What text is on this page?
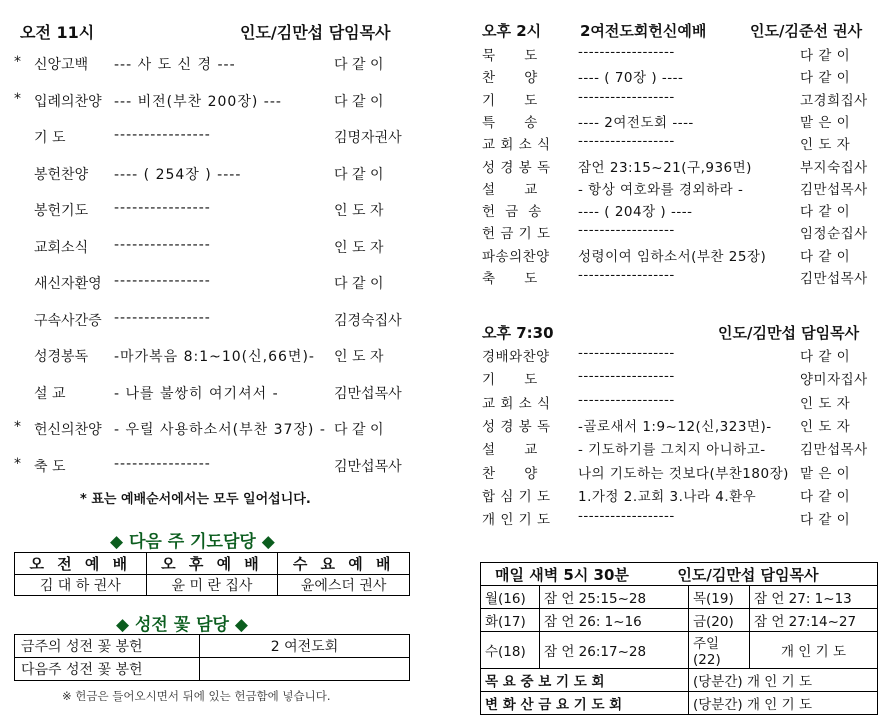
오전 11시	인도/김만섭 담임목사
* 신앙고백 --- 사 도 신 경 ---	다 같 이
* 입례의찬양 --- 비전(부찬 200장) ---	다 같 이
기 도	----------------	김명자권사
봉헌찬양 ---- ( 254장 ) ----	다 같 이
봉헌기도 ----------------	인 도 자
교회소식 ----------------	인 도 자
새신자환영 ----------------	다 같 이
구속사간증 ----------------	김경숙집사
성경봉독 -마가복음 8:1~10(신,66면)- 인 도 자
설 교	- 나를 불쌍히 여기셔서 -	김만섭목사
* 헌신의찬양 - 우릴 사용하소서(부찬 37장) - 다 같 이
* 축 도	----------------	김만섭목사
* 표는 예배순서에서는 모두 일어섭니다.
◆ 다음 주 기도담당 ◆
오 전 예 배	오 후 예 배	수 요 예 배
김 대 하 권사	윤 미 란 집사	윤에스더 권사
◆ 성전 꽃 담당 ◆
금주의 성전 꽃 봉헌	2 여전도회
다음주 성전 꽃 봉헌	
※ 헌금은 들어오시면서 뒤에 있는 헌금함에 넣습니다.
오후 2시	2여전도회헌신예배	인도/김준선 권사
묵      도	------------------	다 같 이
찬      양	---- ( 70장 ) ----	다 같 이
기      도	------------------	고경희집사
특      송	---- 2여전도회 ----	맡 은 이
교 회 소 식 ------------------	인 도 자
성 경 봉 독 잠언 23:15~21(구,936면)	부지숙집사
설      교	- 항상 여호와를 경외하라 -	김만섭목사
헌  금  송	---- ( 204장 ) ----	다 같 이
헌 금 기 도 ------------------	임정순집사
파송의찬양 성령이여 임하소서(부찬 25장)	다 같 이
축      도	------------------	김만섭목사
오후 7:30	인도/김만섭 담임목사
경배와찬양 ------------------	다 같 이
기      도	------------------	양미자집사
교 회 소 식 ------------------	인 도 자
성 경 봉 독 -골로새서 1:9~12(신,323면)- 인 도 자
설      교	- 기도하기를 그치지 아니하고-	김만섭목사
찬      양	나의 기도하는 것보다(부찬180장) 맡 은 이
합 심 기 도 1.가정 2.교회 3.나라 4.환우	다 같 이
개 인 기 도 ------------------	다 같 이
매일 새벽 5시 30분 인도/김만섭 담임목사			
월(16)	잠 언 25:15~28	목(19)	잠 언 27: 1~13
화(17)	잠 언 26: 1~16	금(20)	잠 언 27:14~27
수(18)	잠 언 26:17~28	주일(22)	개 인 기 도
목 요 중 보 기 도 회		(당분간) 개 인 기 도	
변 화 산 금 요 기 도 회		(당분간) 개 인 기 도	
